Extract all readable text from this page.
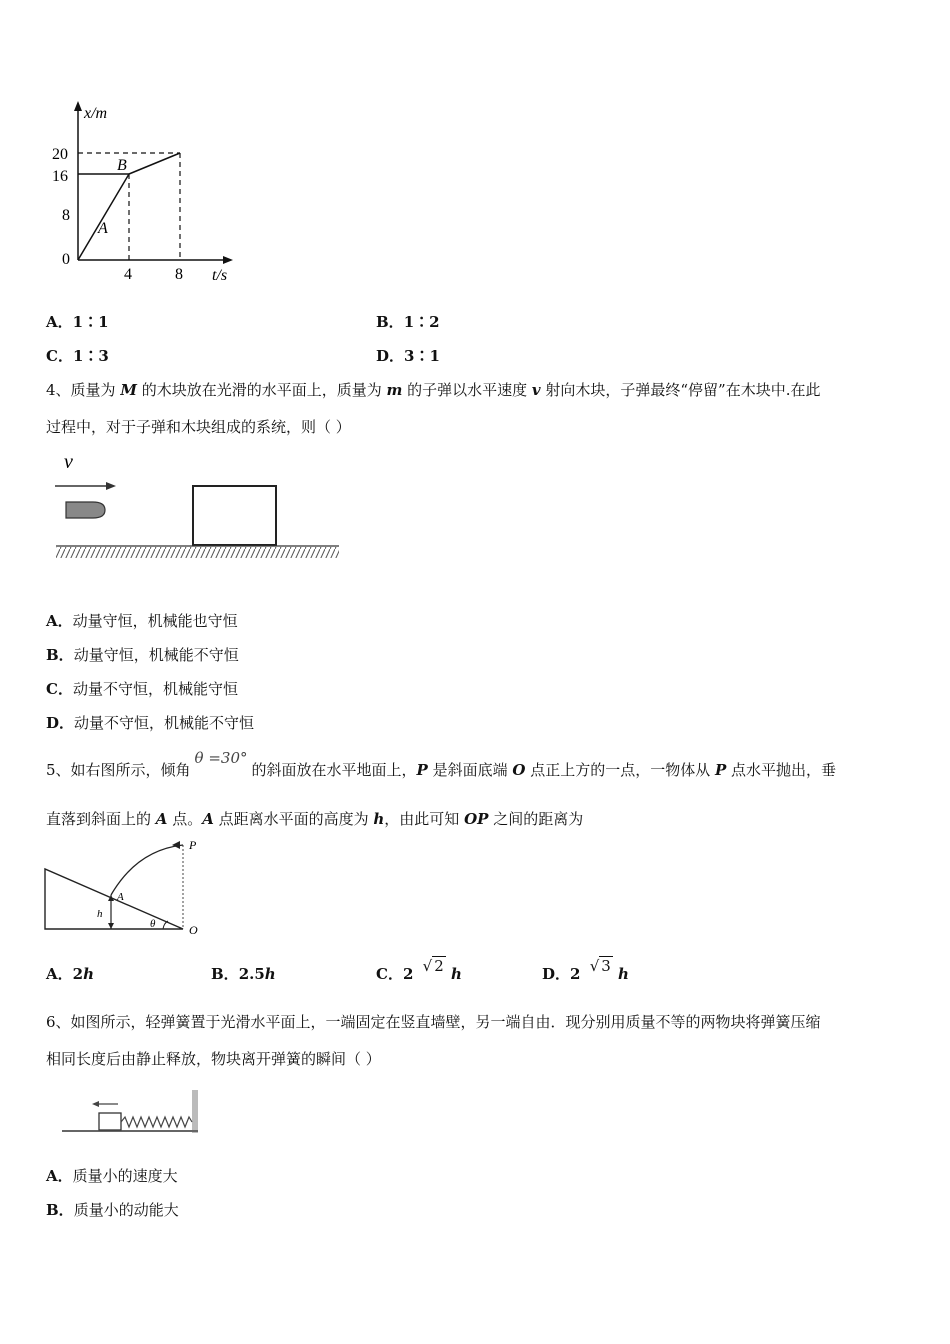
x/m
t/s
0
20
16
8
4	8
A
B
A．1∶1	B．1∶2
C．1∶3	D．3∶1
4、质量为 M 的木块放在光滑的水平面上，质量为 m 的子弹以水平速度 v 射向木块，子弹最终“停留”在木块中.在此
过程中，对于子弹和木块组成的系统，则（ ）
v
A．动量守恒，机械能也守恒
B．动量守恒，机械能不守恒
C．动量不守恒，机械能守恒
D．动量不守恒，机械能不守恒
5、如右图所示，倾角θ =30°的斜面放在水平地面上，P 是斜面底端 O 点正上方的一点，一物体从 P 点水平抛出，垂
直落到斜面上的 A 点。A 点距离水平面的高度为 h，由此可知 OP 之间的距离为
P
A
h
θ	O
A．2h	B．2.5h	C．2 √ 2 h	D．2 √ 3 h
6、如图所示，轻弹簧置于光滑水平面上，一端固定在竖直墙壁，另一端自由．现分别用质量不等的两物块将弹簧压缩
相同长度后由静止释放，物块离开弹簧的瞬间（ ）
A．质量小的速度大
B．质量小的动能大
